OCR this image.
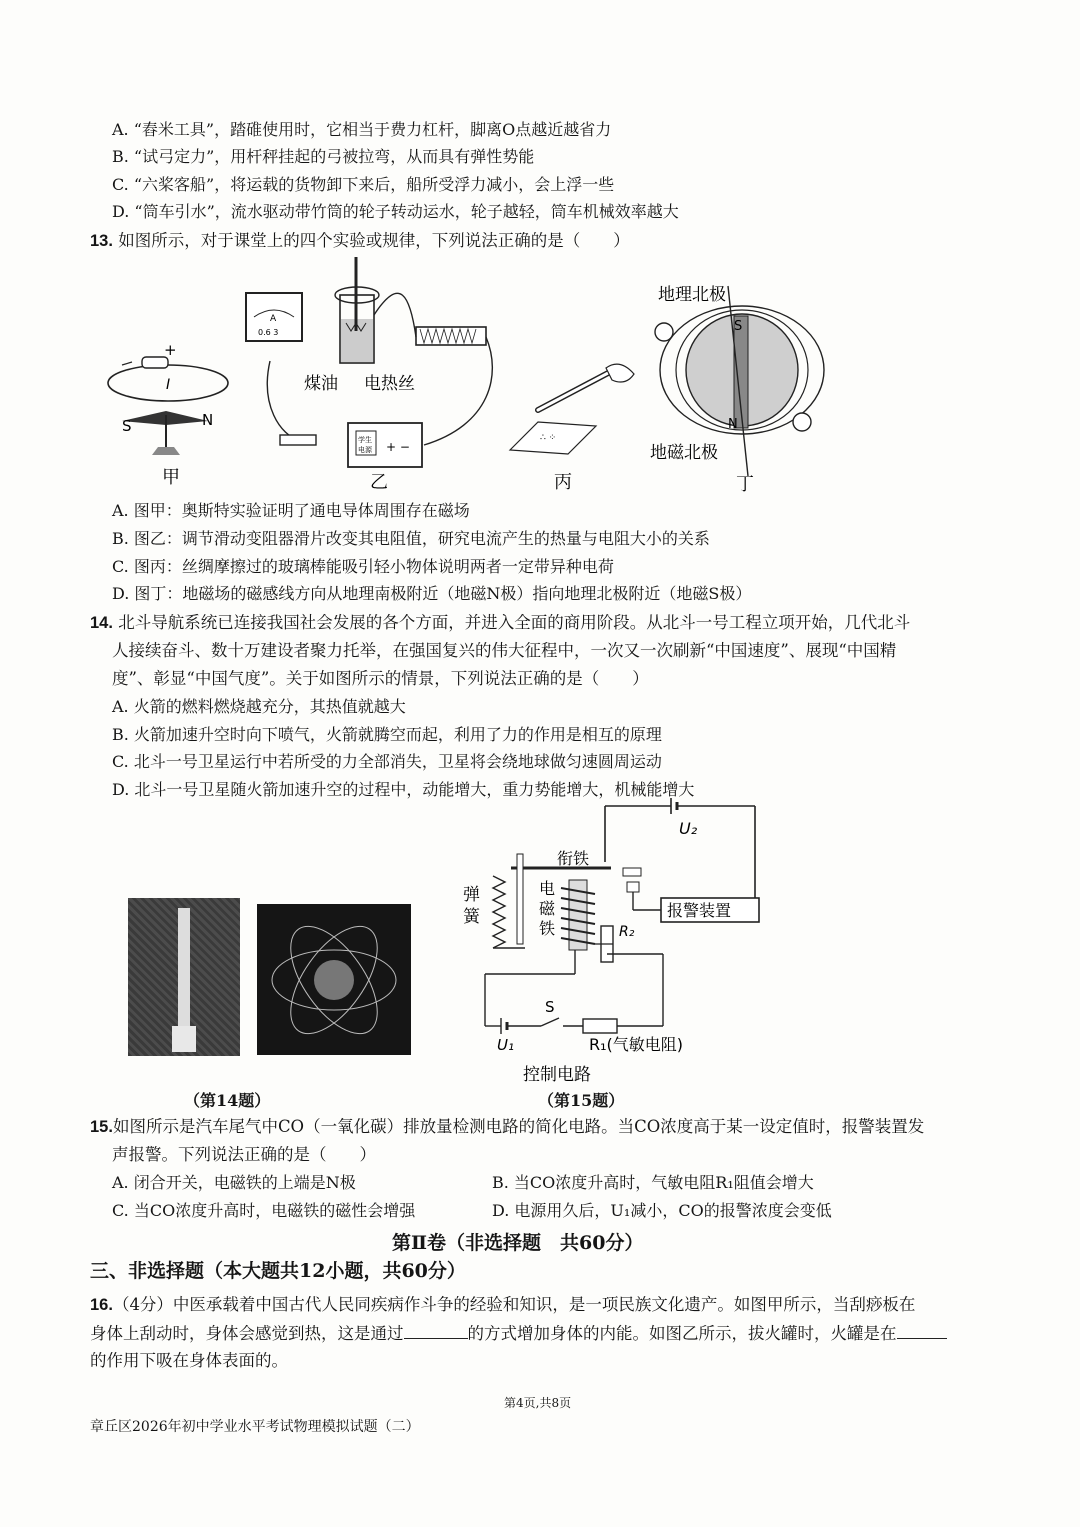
A. “舂米工具”，踏碓使用时，它相当于费力杠杆，脚离O点越近越省力
B. “试弓定力”，用杆秤挂起的弓被拉弯，从而具有弹性势能
C. “六桨客船”，将运载的货物卸下来后，船所受浮力减小，会上浮一些
D. “筒车引水”，流水驱动带竹筒的轮子转动运水，轮子越轻，筒车机械效率越大
13. 如图所示，对于课堂上的四个实验或规律，下列说法正确的是（　　）
+
I
S	N
甲
A
0.6 3
学生
电源 + −
煤油 电热丝
乙
∴ ⁘
丙
S
N
地理北极
地磁北极
丁
A. 图甲：奥斯特实验证明了通电导体周围存在磁场
B. 图乙：调节滑动变阻器滑片改变其电阻值，研究电流产生的热量与电阻大小的关系
C. 图丙：丝绸摩擦过的玻璃棒能吸引轻小物体说明两者一定带异种电荷
D. 图丁：地磁场的磁感线方向从地理南极附近（地磁N极）指向地理北极附近（地磁S极）
14. 北斗导航系统已连接我国社会发展的各个方面，并进入全面的商用阶段。从北斗一号工程立项开始，几代北斗
人接续奋斗、数十万建设者聚力托举，在强国复兴的伟大征程中，一次又一次刷新“中国速度”、展现“中国精
度”、彰显“中国气度”。关于如图所示的情景，下列说法正确的是（　　）
A. 火箭的燃料燃烧越充分，其热值就越大
B. 火箭加速升空时向下喷气，火箭就腾空而起，利用了力的作用是相互的原理
C. 北斗一号卫星运行中若所受的力全部消失，卫星将会绕地球做匀速圆周运动
D. 北斗一号卫星随火箭加速升空的过程中，动能增大，重力势能增大，机械能增大
（第14题）
U₂
衔铁
弹
簧
电
磁
铁
报警装置
R₂
S
U₁	R₁(气敏电阻)
控制电路
（第15题）
15.如图所示是汽车尾气中CO（一氧化碳）排放量检测电路的简化电路。当CO浓度高于某一设定值时，报警装置发
声报警。下列说法正确的是（　　）
A. 闭合开关，电磁铁的上端是N极	B. 当CO浓度升高时，气敏电阻R₁阻值会增大
C. 当CO浓度升高时，电磁铁的磁性会增强	D. 电源用久后，U₁减小，CO的报警浓度会变低
第Ⅱ卷（非选择题　共60分）
三、非选择题（本大题共12小题，共60分）
16.（4分）中医承载着中国古代人民同疾病作斗争的经验和知识，是一项民族文化遗产。如图甲所示，当刮痧板在
身体上刮动时，身体会感觉到热，这是通过	的方式增加身体的内能。如图乙所示，拔火罐时，火罐是在
的作用下吸在身体表面的。
第4页,共8页
章丘区2026年初中学业水平考试物理模拟试题（二）
